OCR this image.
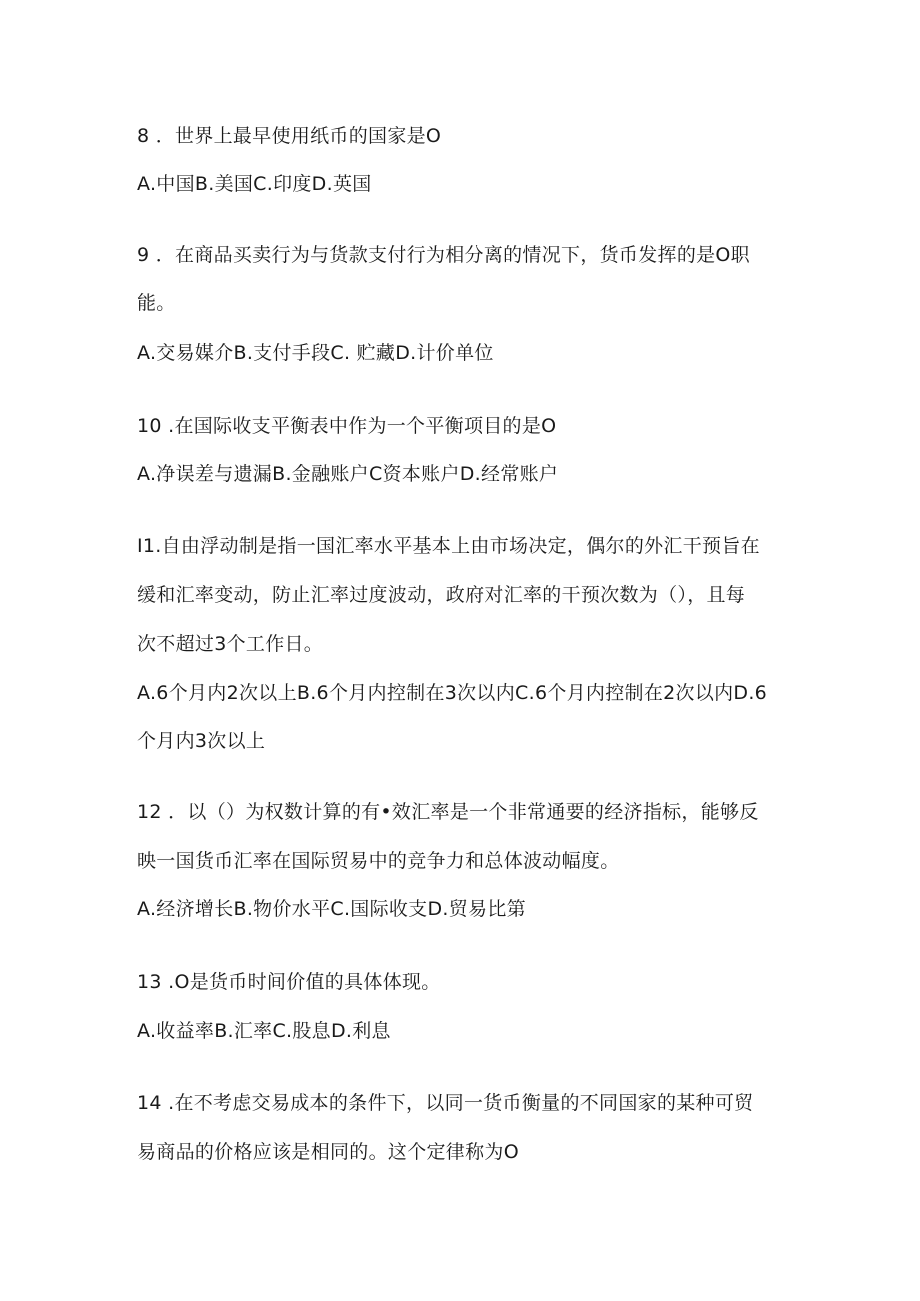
8 ．世界上最早使用纸币的国家是O
A.中国B.美国C.印度D.英国
9 ．在商品买卖行为与货款支付行为相分离的情况下，货币发挥的是O职
能。
A.交易媒介B.支付手段C. 贮藏D.计价单位
10 .在国际收支平衡表中作为一个平衡项目的是O
A.净误差与遗漏B.金融账户C资本账户D.经常账户
I1.自由浮动制是指一国汇率水平基本上由市场决定，偶尔的外汇干预旨在
缓和汇率变动，防止汇率过度波动，政府对汇率的干预次数为（），且每
次不超过3个工作日。
A.6个月内2次以上B.6个月内控制在3次以内C.6个月内控制在2次以内D.6
个月内3次以上
12 ．以（）为权数计算的有•效汇率是一个非常通要的经济指标，能够反
映一国货币汇率在国际贸易中的竞争力和总体波动幅度。
A.经济增长B.物价水平C.国际收支D.贸易比第
13 .O是货币时间价值的具体体现。
A.收益率B.汇率C.股息D.利息
14 .在不考虑交易成本的条件下，以同一货币衡量的不同国家的某种可贸
易商品的价格应该是相同的。这个定律称为O
